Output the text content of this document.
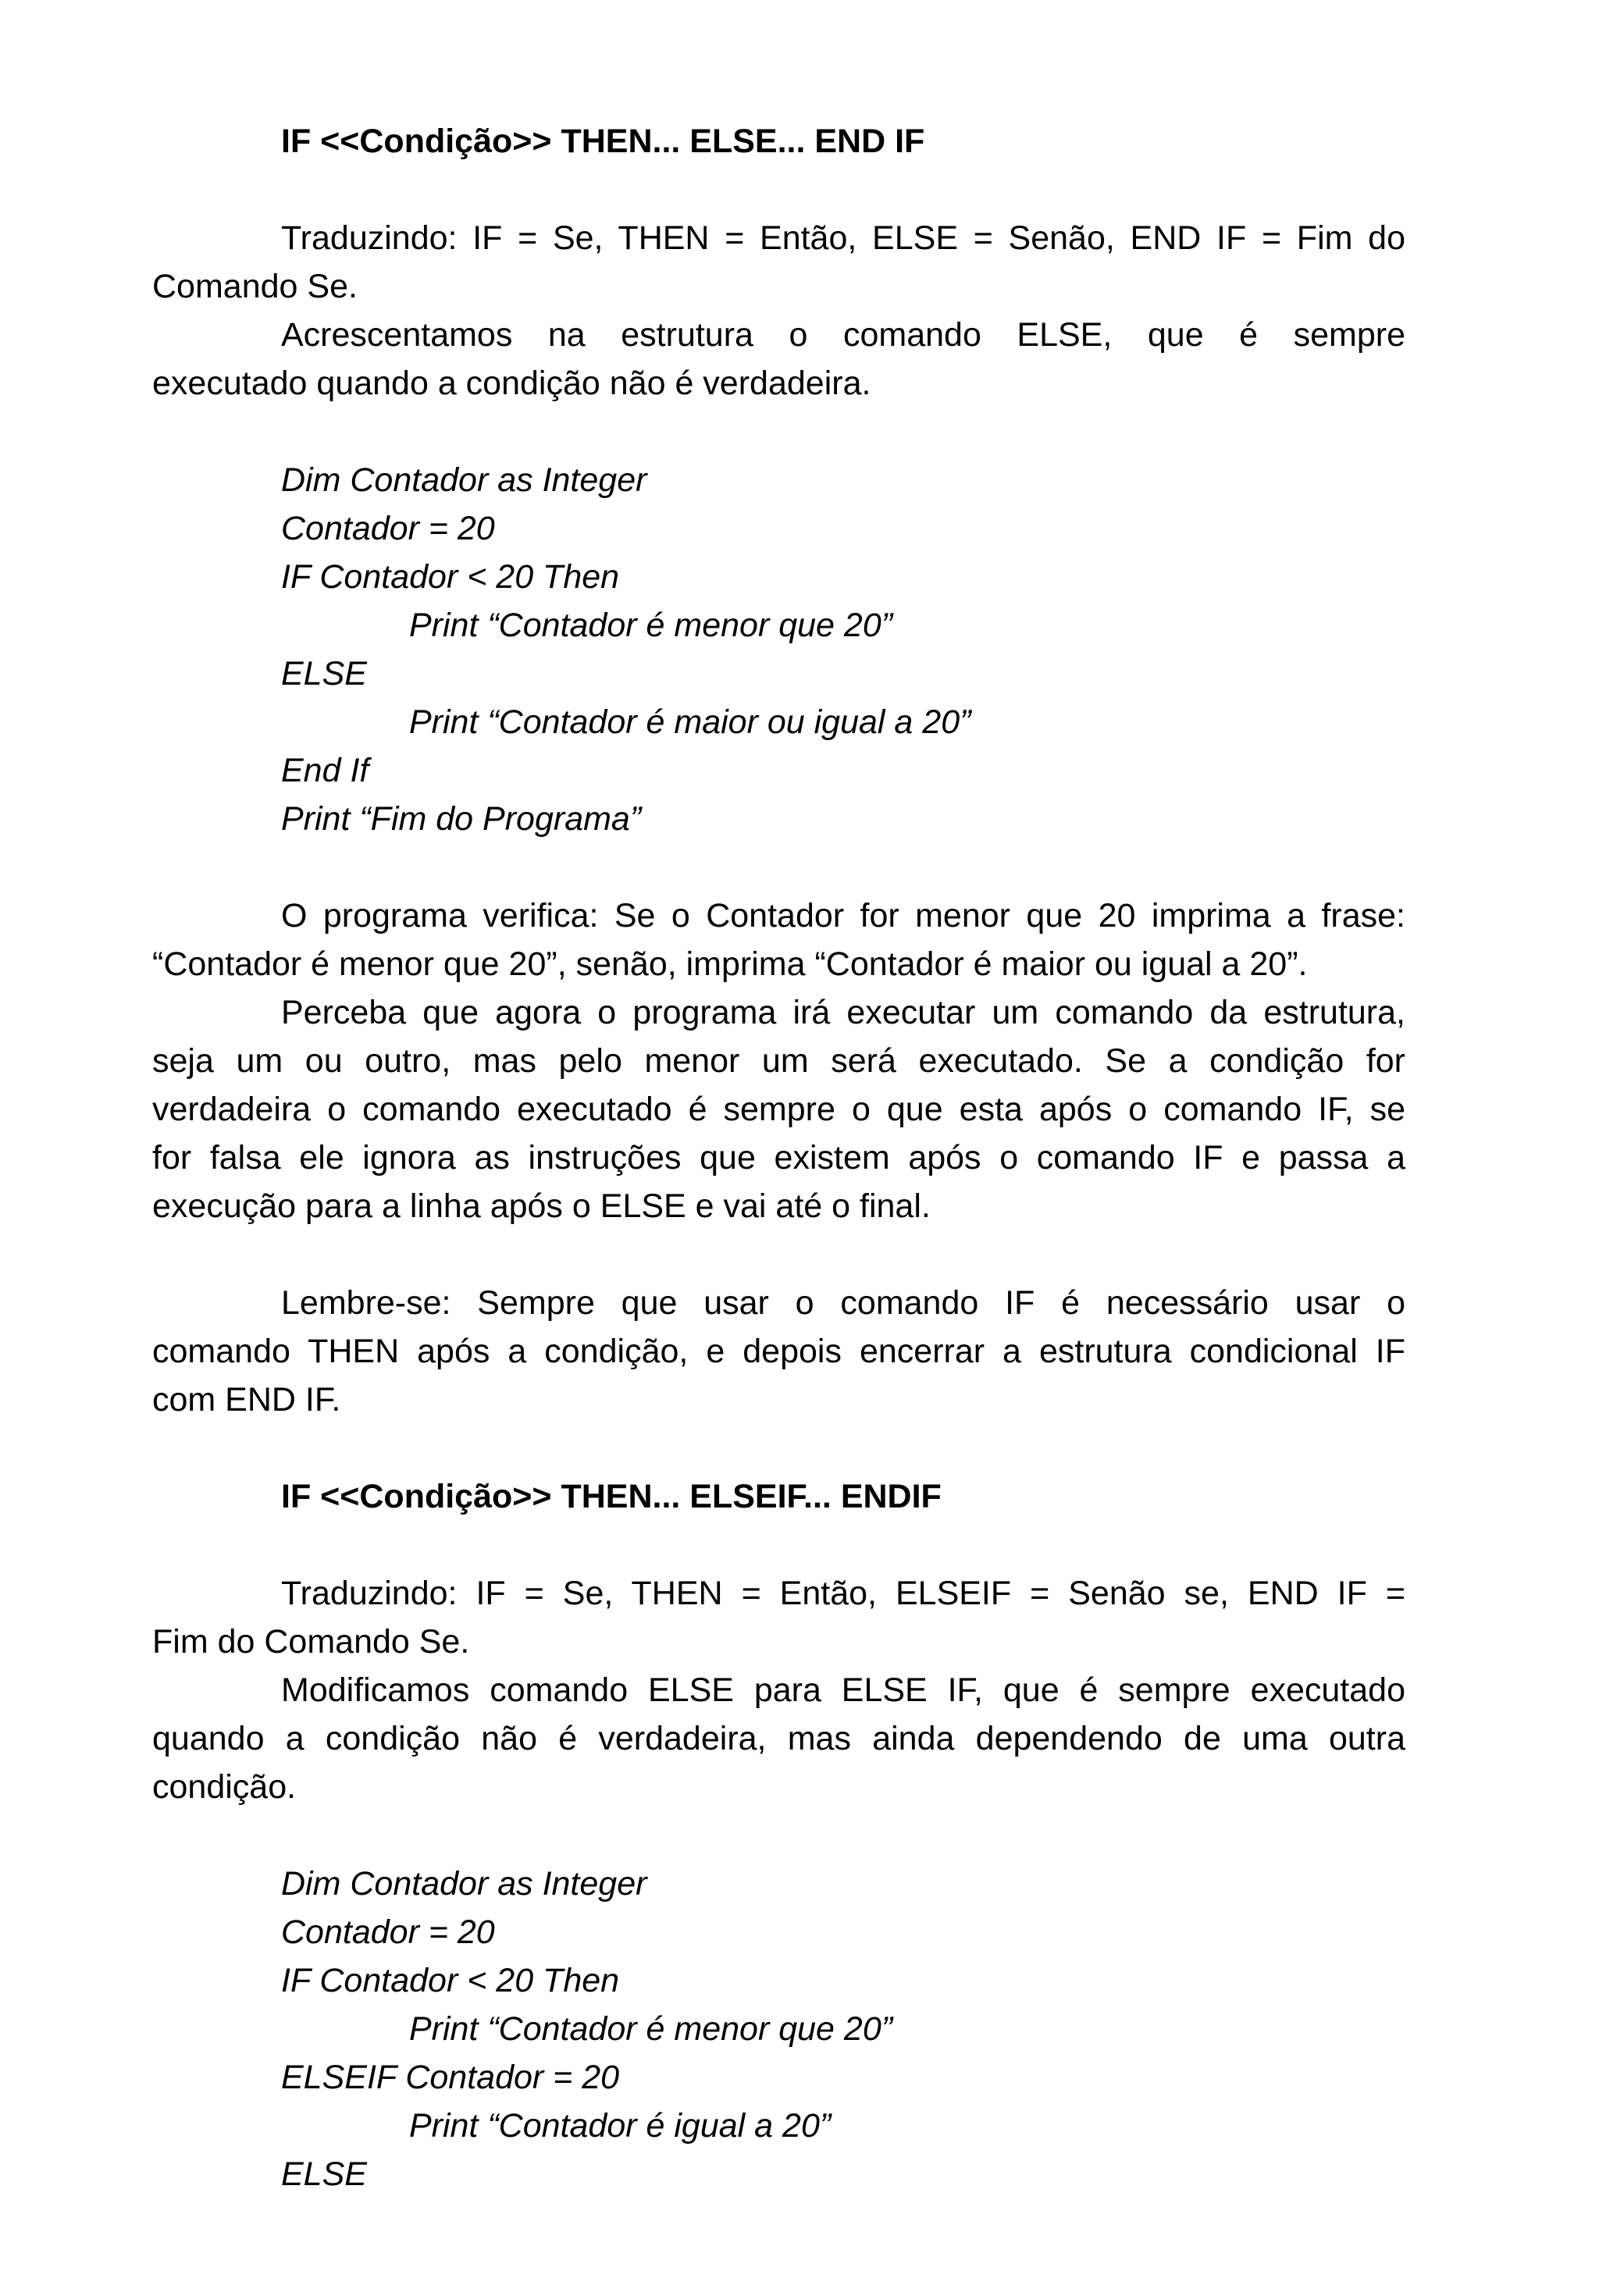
IF <<Condição>> THEN... ELSE... END IF
Traduzindo: IF = Se, THEN = Então, ELSE = Senão, END IF = Fim do
Comando Se.
Acrescentamos na estrutura o comando ELSE, que é sempre
executado quando a condição não é verdadeira.
Dim Contador as Integer
Contador = 20
IF Contador < 20 Then
Print “Contador é menor que 20”
ELSE
Print “Contador é maior ou igual a 20”
End If
Print “Fim do Programa”
O programa verifica: Se o Contador for menor que 20 imprima a frase:
“Contador é menor que 20”, senão, imprima “Contador é maior ou igual a 20”.
Perceba que agora o programa irá executar um comando da estrutura,
seja um ou outro, mas pelo menor um será executado. Se a condição for
verdadeira o comando executado é sempre o que esta após o comando IF, se
for falsa ele ignora as instruções que existem após o comando IF e passa a
execução para a linha após o ELSE e vai até o final.
Lembre-se: Sempre que usar o comando IF é necessário usar o
comando THEN após a condição, e depois encerrar a estrutura condicional IF
com END IF.
IF <<Condição>> THEN... ELSEIF... ENDIF
Traduzindo: IF = Se, THEN = Então, ELSEIF = Senão se, END IF =
Fim do Comando Se.
Modificamos comando ELSE para ELSE IF, que é sempre executado
quando a condição não é verdadeira, mas ainda dependendo de uma outra
condição.
Dim Contador as Integer
Contador = 20
IF Contador < 20 Then
Print “Contador é menor que 20”
ELSEIF Contador = 20
Print “Contador é igual a 20”
ELSE
